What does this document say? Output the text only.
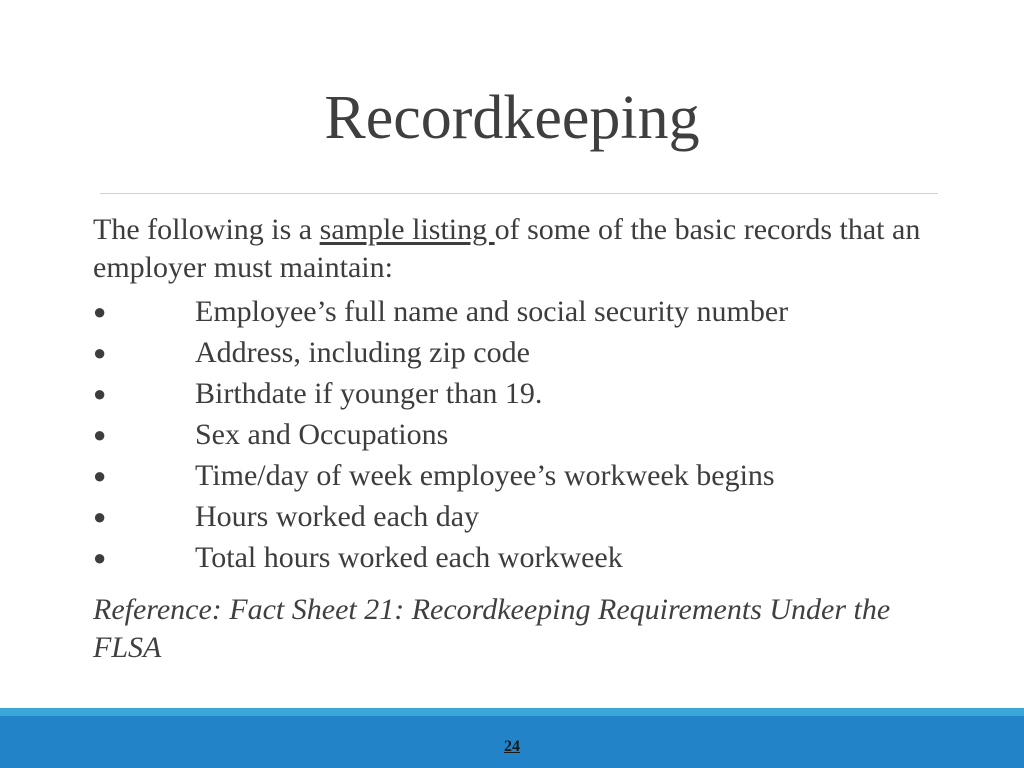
Recordkeeping

The following is a sample listing of some of the basic records that an employer must maintain:

●	Employee’s full name and social security number
●	Address, including zip code
●	Birthdate if younger than 19.
●	Sex and Occupations
●	Time/day of week employee’s workweek begins
●	Hours worked each day
●	Total hours worked each workweek

Reference: Fact Sheet 21: Recordkeeping Requirements Under the FLSA

24
